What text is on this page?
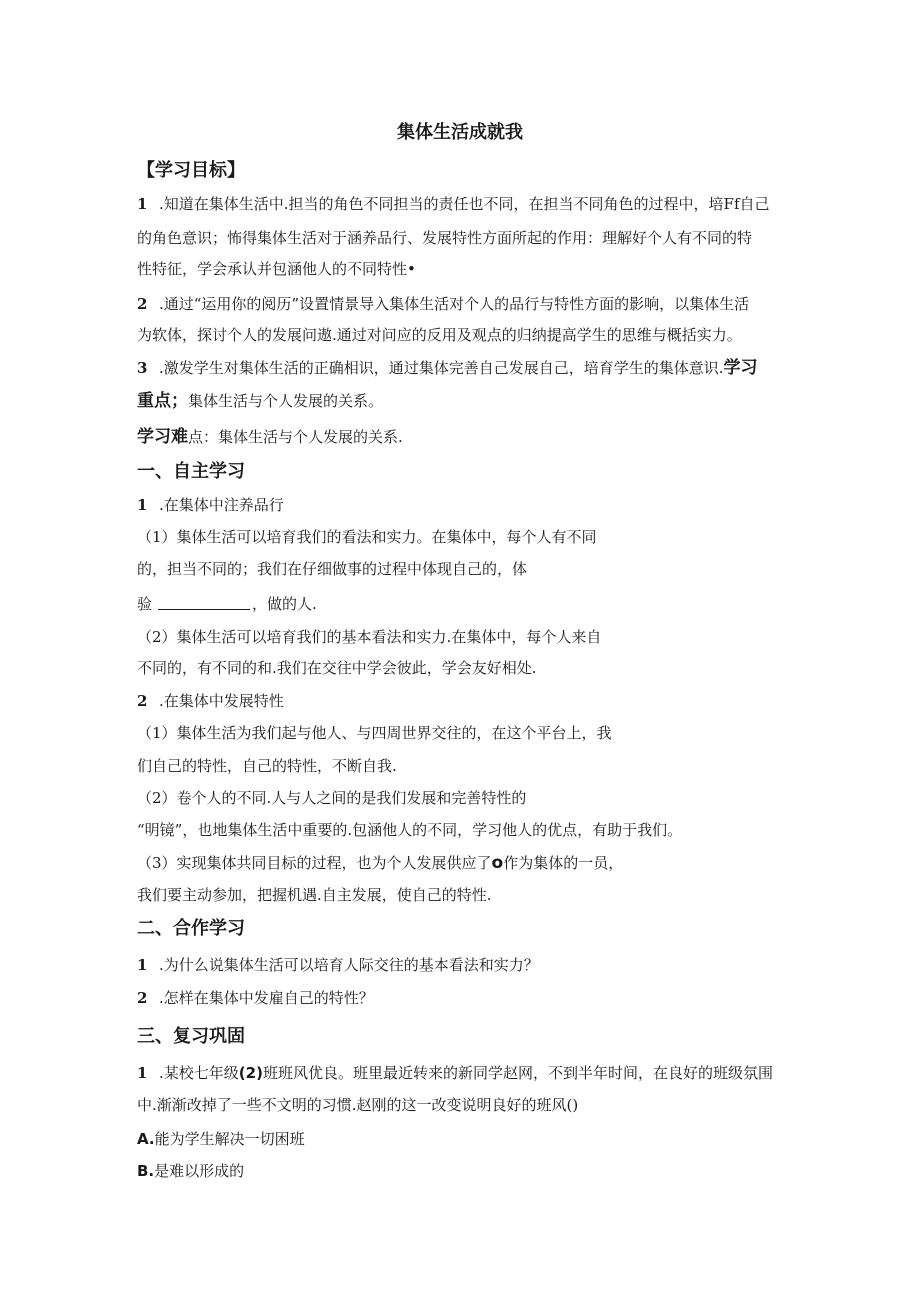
集体生活成就我
【学习目标】
1 .知道在集体生活中.担当的角色不同担当的责任也不同，在担当不同角色的过程中，培Ff自己
的角色意识；怖得集体生活对于涵养品行、发展特性方面所起的作用：理解好个人有不同的特
性特征，学会承认并包涵他人的不同特性•
2 .通过“运用你的阅历”设置情景导入集体生活对个人的品行与特性方面的影响，以集体生活
为软体，探讨个人的发展问遨.通过对问应的反用及观点的归纳提高学生的思维与概括实力。
3 .激发学生对集体生活的正确相识，通过集体完善自己发展自己，培育学生的集体意识.学习
重点；集体生活与个人发展的关系。
学习难点：集体生活与个人发展的关系.
一、自主学习
1 .在集体中注养品行
（1）集体生活可以培育我们的看法和实力。在集体中，每个人有不同
的，担当不同的；我们在仔细做事的过程中体现自己的，体
验	，做的人.
（2）集体生活可以培育我们的基本看法和实力.在集体中，每个人来自
不同的，有不同的和.我们在交往中学会彼此，学会友好相处.
2 .在集体中发展特性
（1）集体生活为我们起与他人、与四周世界交往的，在这个平台上，我
们自己的特性，自己的特性，不断自我.
（2）卷个人的不同.人与人之间的是我们发展和完善特性的
“明镜”，也地集体生活中重要的.包涵他人的不同，学习他人的优点，有助于我们。
（3）实现集体共同目标的过程，也为个人发展供应了o作为集体的一员，
我们要主动参加，把握机遇.自主发展，使自己的特性.
二、合作学习
1 .为什么说集体生活可以培育人际交往的基本看法和实力？
2 .怎样在集体中发雇自己的特性？
三、复习巩固
1 .某校七年级(2)班班风优良。班里最近转来的新同学赵网，不到半年时间，在良好的班级氛围
中.渐渐改掉了一些不文明的习惯.赵刚的这一改变说明良好的班风()
A.能为学生解决一切困班
B.是难以形成的
